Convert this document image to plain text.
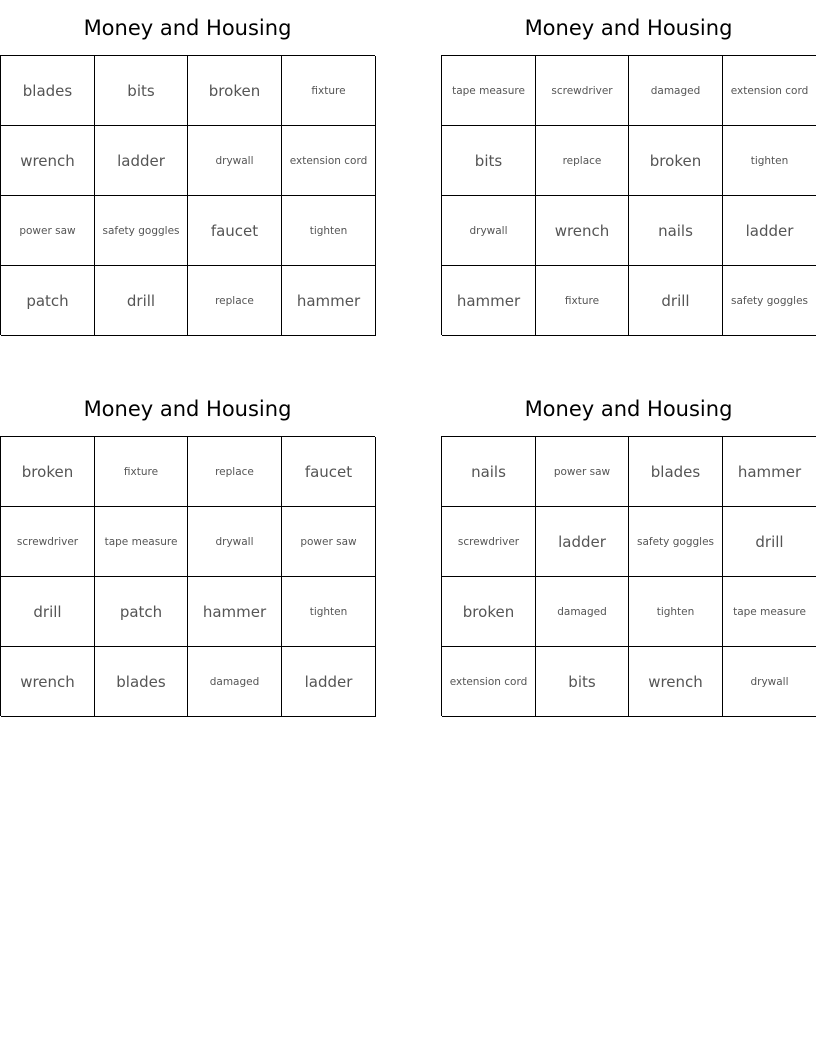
Money and Housing
blades	bits	broken	fixture
wrench	ladder	drywall	extension cord
power saw	safety goggles	faucet	tighten
patch	drill	replace	hammer
Money and Housing
tape measure	screwdriver	damaged	extension cord
bits	replace	broken	tighten
drywall	wrench	nails	ladder
hammer	fixture	drill	safety goggles
Money and Housing
broken	fixture	replace	faucet
screwdriver	tape measure	drywall	power saw
drill	patch	hammer	tighten
wrench	blades	damaged	ladder
Money and Housing
nails	power saw	blades	hammer
screwdriver	ladder	safety goggles	drill
broken	damaged	tighten	tape measure
extension cord	bits	wrench	drywall
